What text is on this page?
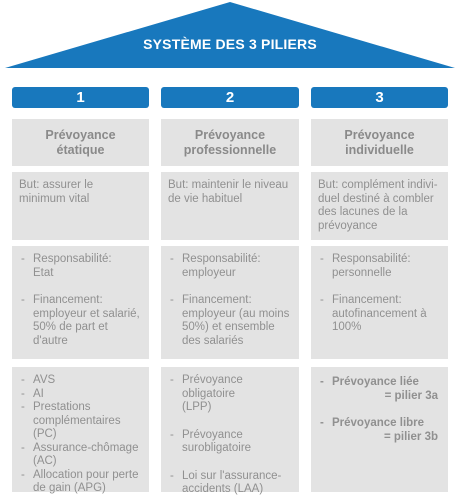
SYSTÈME DES 3 PILIERS
1	2	3
Prévoyance
étatique
Prévoyance
professionnelle
Prévoyance
individuelle
But: assurer le
minimum vital
But: maintenir le niveau
de vie habituel
But: complément indivi-
duel destiné à combler
des lacunes de la
prévoyance
- Responsabilité:
Etat
- Financement:
employeur et salarié,
50% de part et
d'autre
- Responsabilité:
employeur
- Financement:
employeur (au moins
50%) et ensemble
des salariés
- Responsabilité:
personnelle
- Financement:
autofinancement à
100%
- AVS
- AI
- Prestations
complémentaires (PC)
- Assurance-chômage
(AC)
- Allocation pour perte
de gain (APG)
- Prévoyance obligatoire
(LPP)
- Prévoyance
surobligatoire
- Loi sur l'assurance-
accidents (LAA)
- Prévoyance liée
= pilier 3a
- Prévoyance libre
= pilier 3b
